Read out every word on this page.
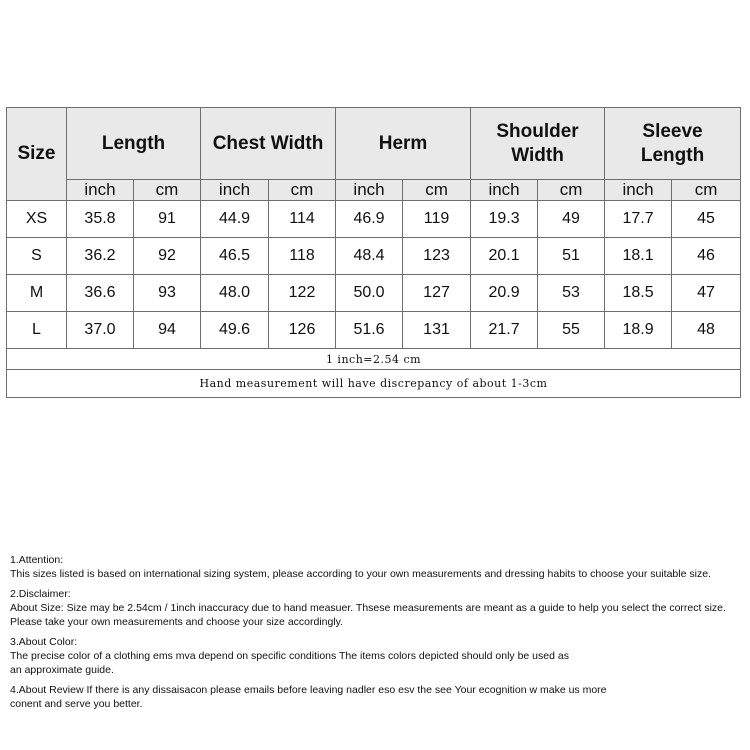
Size	Length		Chest Width		Herm		Shoulder Width		Sleeve Length	

	inch	cm	inch	cm	inch	cm	inch	cm	inch	cm
XS	35.8	91	44.9	114	46.9	119	19.3	49	17.7	45
S	36.2	92	46.5	118	48.4	123	20.1	51	18.1	46
M	36.6	93	48.0	122	50.0	127	20.9	53	18.5	47
L	37.0	94	49.6	126	51.6	131	21.7	55	18.9	48
1 inch=2.54 cm										
Hand measurement will have discrepancy of about 1-3cm										

1.Attention:

This sizes listed is based on international sizing system, please according to your own measurements and dressing habits to choose your suitable size.

2.Disclaimer:

About Size: Size may be 2.54cm / 1inch inaccuracy due to hand measuer. Thsese measurements are meant as a guide to help you select the correct size.

Please take your own measurements and choose your size accordingly.

3.About Color:

The precise color of a clothing ems mva depend on specific conditions The items colors depicted should only be used as

an approximate guide.

4.About Review If there is any dissaisacon please emails before leaving nadler eso esv the see Your ecognition w make us more

conent and serve you better.
